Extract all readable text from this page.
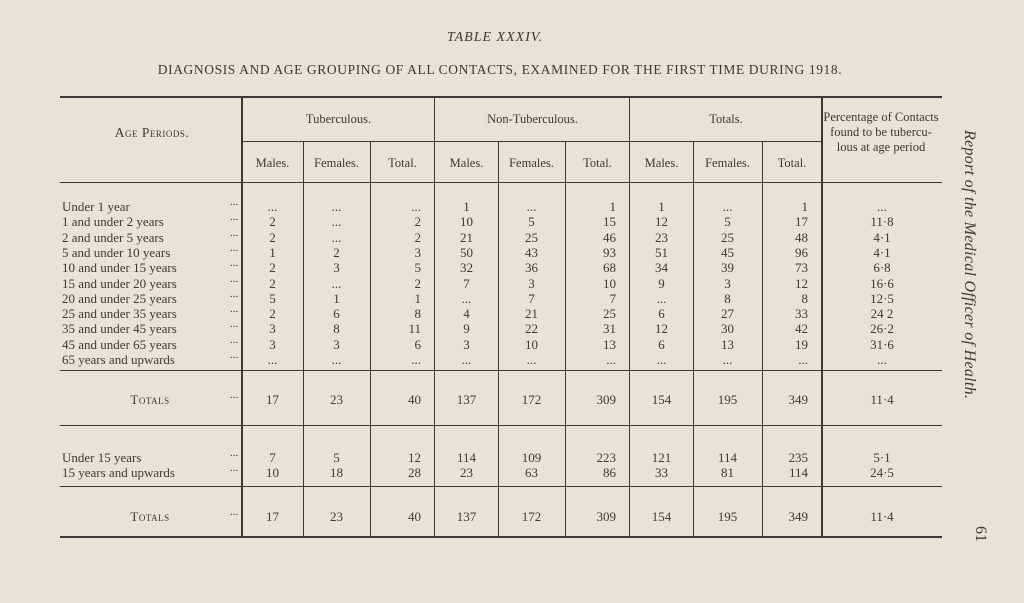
TABLE XXXIV.
DIAGNOSIS AND AGE GROUPING OF ALL CONTACTS, EXAMINED FOR THE FIRST TIME DURING 1918.
Report of the Medical Officer of Health.
61
Age Periods.
Tuberculous.	Non-Tuberculous.	Totals.	Percentage of Contacts found to be tubercu-lous at age period
Males.	Females.	Total.	Males.	Females.	Total.	Males.	Females.	Total.
Under 1 year	...	...	...	...	1	...	1	1	...	1	...
1 and under 2 years	...	2	...	2	10	5	15	12	5	17	11·8
2 and under 5 years	...	2	...	2	21	25	46	23	25	48	4·1
5 and under 10 years	...	1	2	3	50	43	93	51	45	96	4·1
10 and under 15 years	...	2	3	5	32	36	68	34	39	73	6·8
15 and under 20 years	...	2	...	2	7	3	10	9	3	12	16·6
20 and under 25 years	...	5	1	1	...	7	7	...	8	8	12·5
25 and under 35 years	...	2	6	8	4	21	25	6	27	33	24 2
35 and under 45 years	...	3	8	11	9	22	31	12	30	42	26·2
45 and under 65 years	...	3	3	6	3	10	13	6	13	19	31·6
65 years and upwards	...	...	...	...	...	...	...	...	...	...	...
Totals	...	17	23	40	137	172	309	154	195	349	11·4
Under 15 years	...	7	5	12	114	109	223	121	114	235	5·1
15 years and upwards	...	10	18	28	23	63	86	33	81	114	24·5
Totals	...	17	23	40	137	172	309	154	195	349	11·4
